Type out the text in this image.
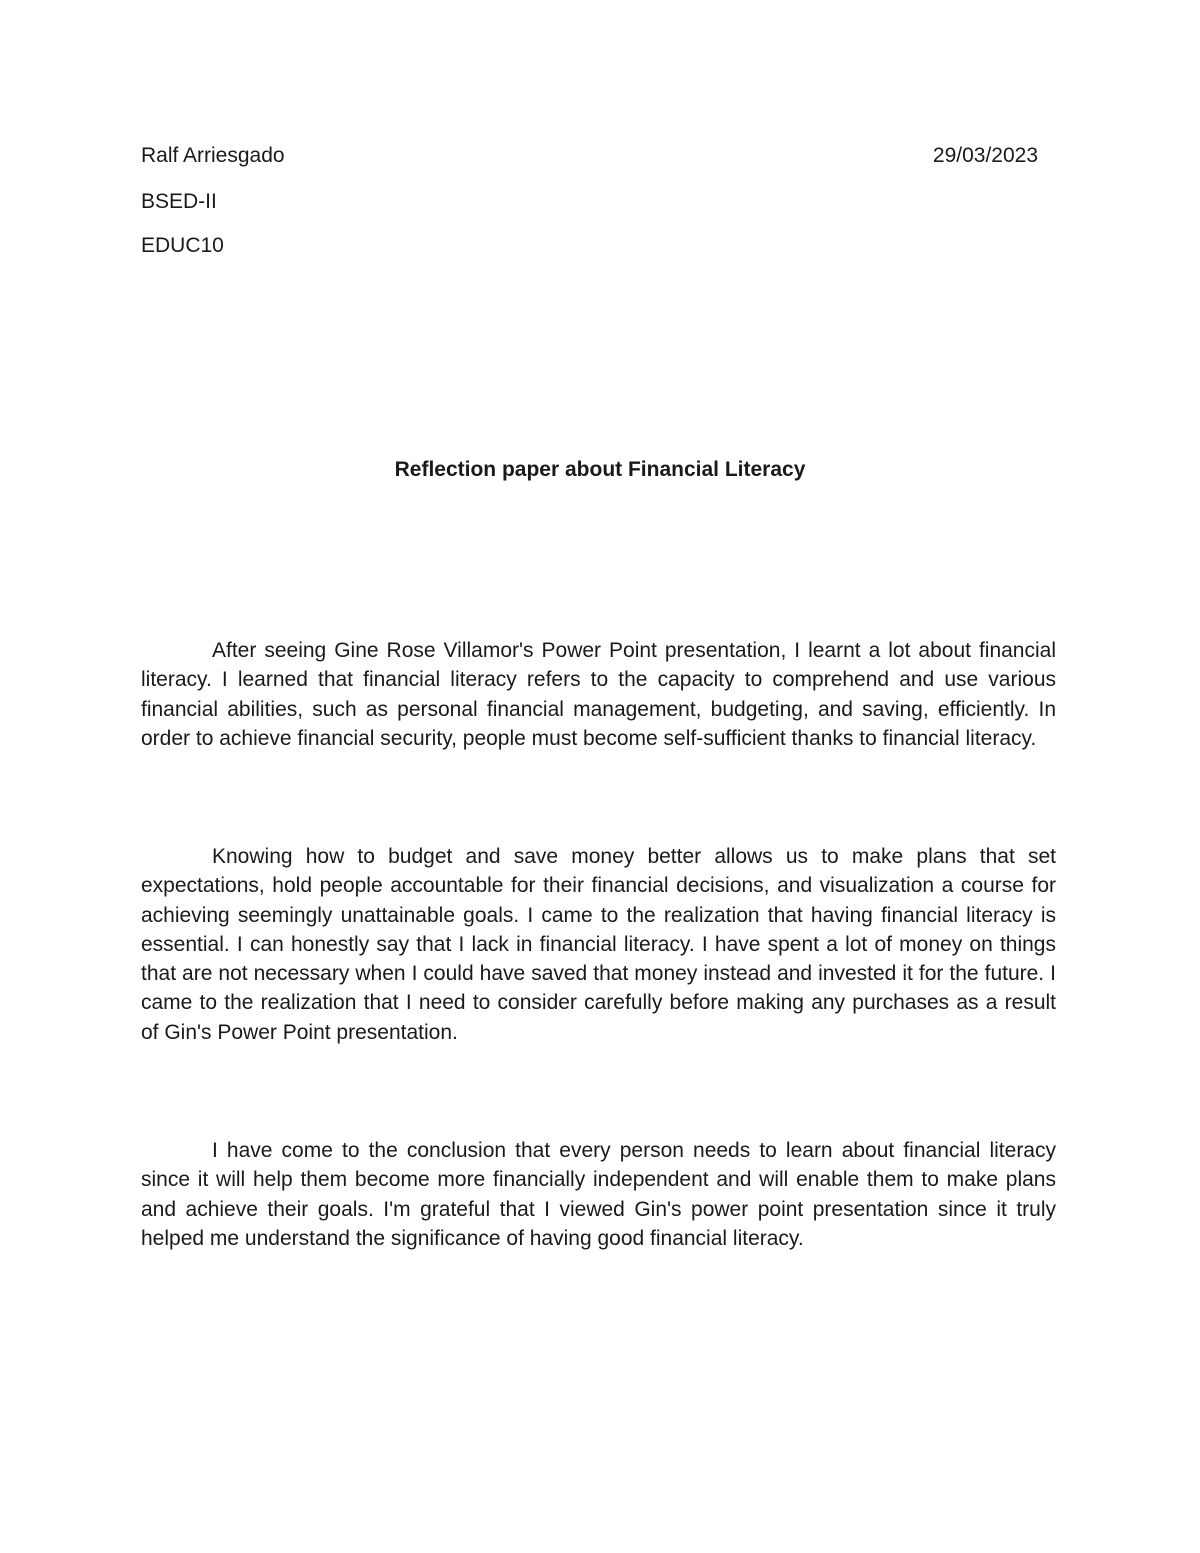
Ralf Arriesgado	29/03/2023
BSED-II
EDUC10
Reflection paper about Financial Literacy

After seeing Gine Rose Villamor's Power Point presentation, I learnt a lot about financial literacy. I learned that financial literacy refers to the capacity to comprehend and use various financial abilities, such as personal financial management, budgeting, and saving, efficiently. In order to achieve financial security, people must become self-sufficient thanks to financial literacy.

Knowing how to budget and save money better allows us to make plans that set expectations, hold people accountable for their financial decisions, and visualization a course for achieving seemingly unattainable goals. I came to the realization that having financial literacy is essential. I can honestly say that I lack in financial literacy. I have spent a lot of money on things that are not necessary when I could have saved that money instead and invested it for the future. I came to the realization that I need to consider carefully before making any purchases as a result of Gin's Power Point presentation.

I have come to the conclusion that every person needs to learn about financial literacy since it will help them become more financially independent and will enable them to make plans and achieve their goals. I'm grateful that I viewed Gin's power point presentation since it truly helped me understand the significance of having good financial literacy.
